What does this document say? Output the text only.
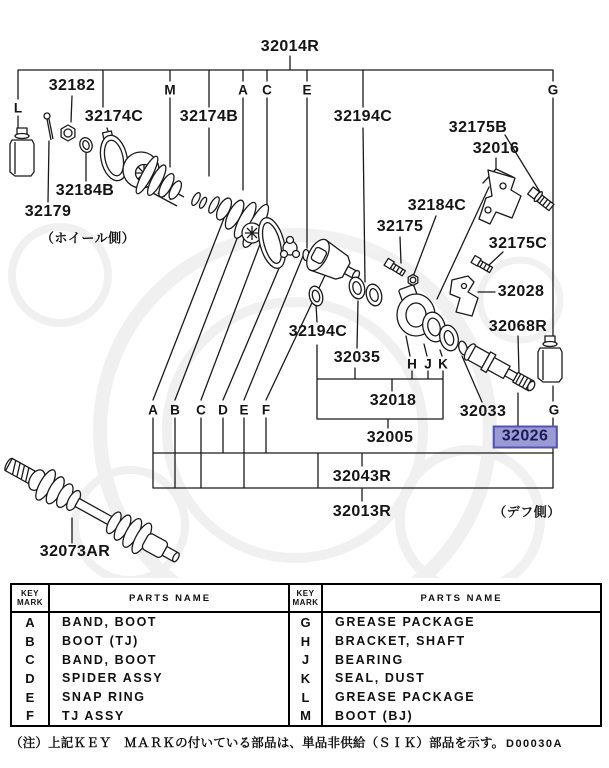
32014R
32182
32174C 32174B	32194C
32175B
32016
32184B
32179
（ホイール側）
32184C
32175
32175C
32028
32068R
32194C
32035
32018
32033
32005	32026
32043R
32013R	（デフ側）
32073AR
L
M	A C E	G
H J K
A B C D E F	G
KEY
MARK	PARTS NAME
A	BAND, BOOT
B	BOOT (TJ)
C	BAND, BOOT
D	SPIDER ASSY
E	SNAP RING
F	TJ ASSY
KEY
MARK	PARTS NAME
G	GREASE PACKAGE
H	BRACKET, SHAFT
J	BEARING
K	SEAL, DUST
L	GREASE PACKAGE
M	BOOT (BJ)
（注）上記ＫＥＹ　ＭＡＲＫの付いている部品は、単品非供給（ＳＩＫ）部品を示す。 D00030A
